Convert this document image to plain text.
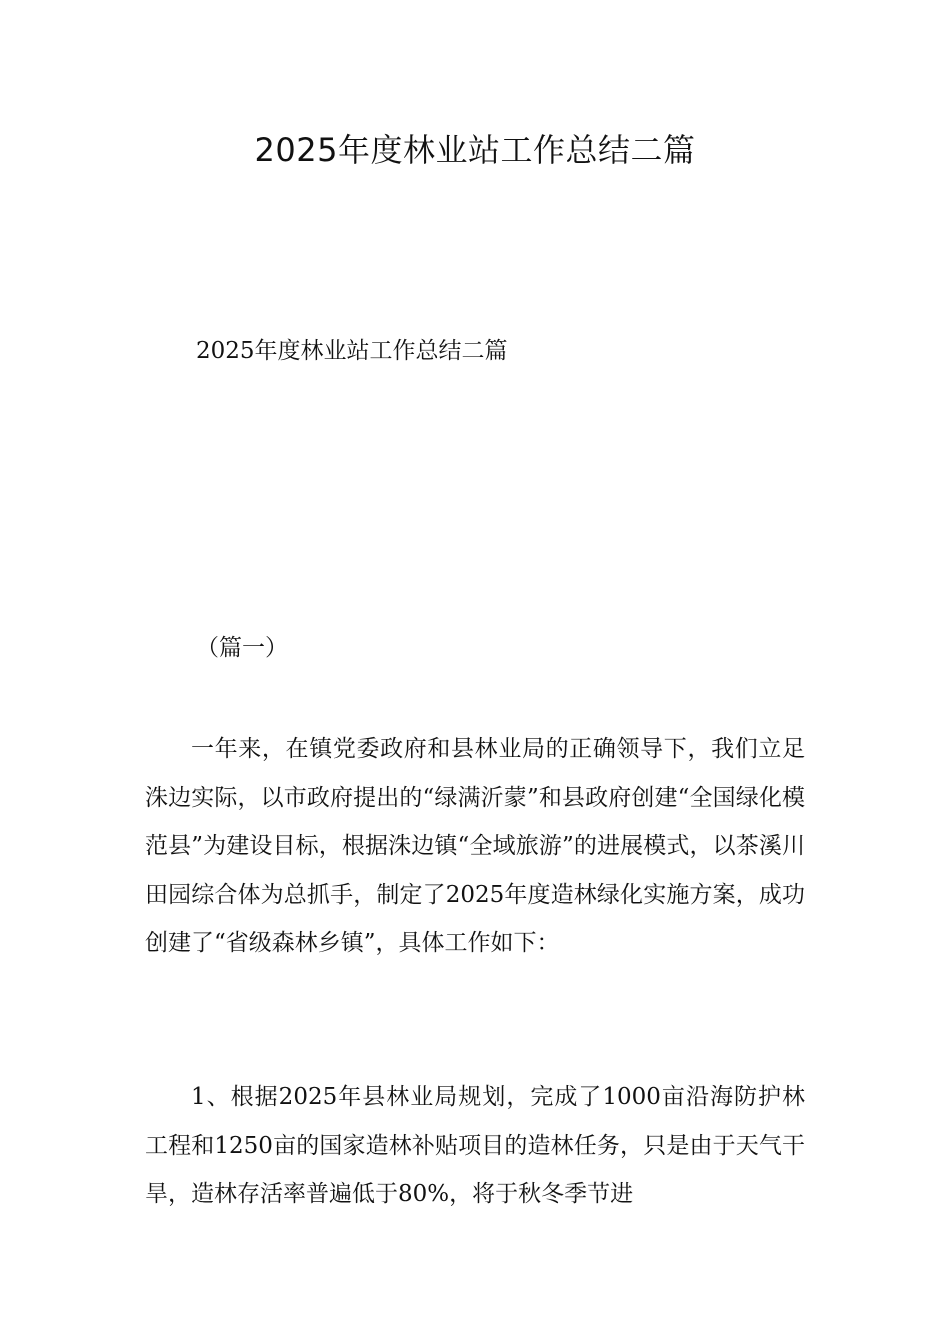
2025年度林业站工作总结二篇
2025年度林业站工作总结二篇
（篇一）

一年来，在镇党委政府和县林业局的正确领导下，我们立足洙边实际，以市政府提出的“绿满沂蒙”和县政府创建“全国绿化模范县”为建设目标，根据洙边镇“全域旅游”的进展模式，以茶溪川田园综合体为总抓手，制定了2025年度造林绿化实施方案，成功创建了“省级森林乡镇”，具体工作如下：

1、根据2025年县林业局规划，完成了1000亩沿海防护林工程和1250亩的国家造林补贴项目的造林任务，只是由于天气干旱，造林存活率普遍低于80%，将于秋冬季节进
